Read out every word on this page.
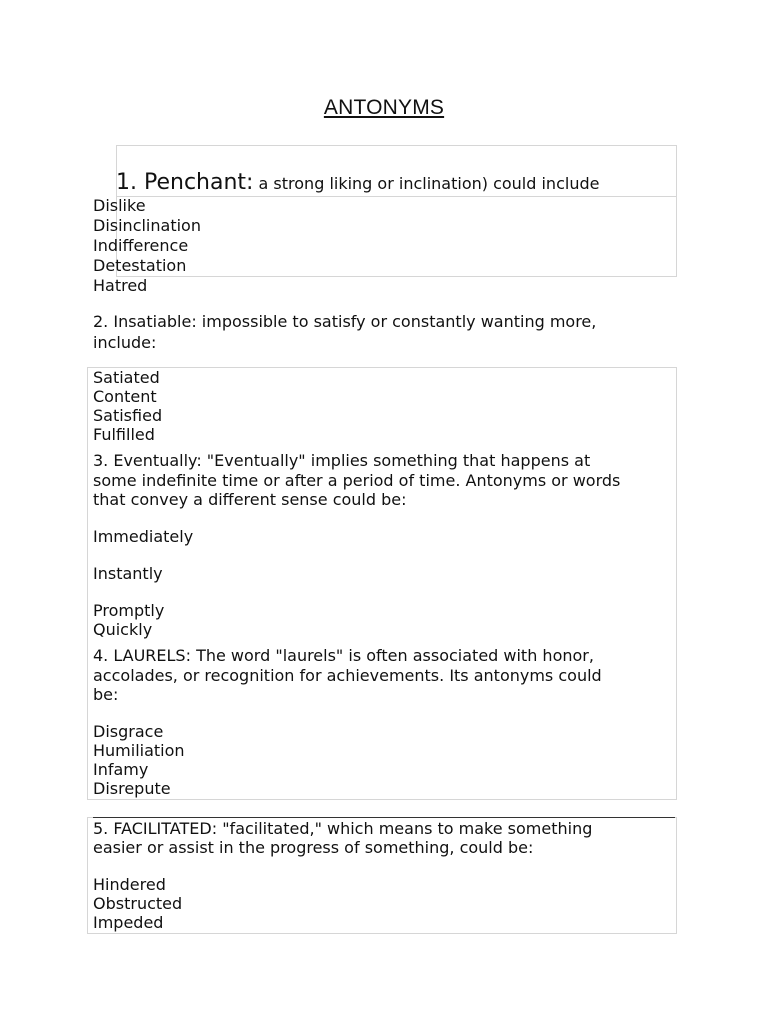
ANTONYMS
1. Penchant: a strong liking or inclination) could include
Dislike
Disinclination
Indifference
Detestation
Hatred
2. Insatiable: impossible to satisfy or constantly wanting more,
include:
Satiated
Content
Satisfied
Fulfilled
3. Eventually: "Eventually" implies something that happens at
some indefinite time or after a period of time. Antonyms or words
that convey a different sense could be:
Immediately
Instantly
Promptly
Quickly
4. LAURELS: The word "laurels" is often associated with honor,
accolades, or recognition for achievements. Its antonyms could
be:
Disgrace
Humiliation
Infamy
Disrepute
5. FACILITATED: "facilitated," which means to make something
easier or assist in the progress of something, could be:
Hindered
Obstructed
Impeded
